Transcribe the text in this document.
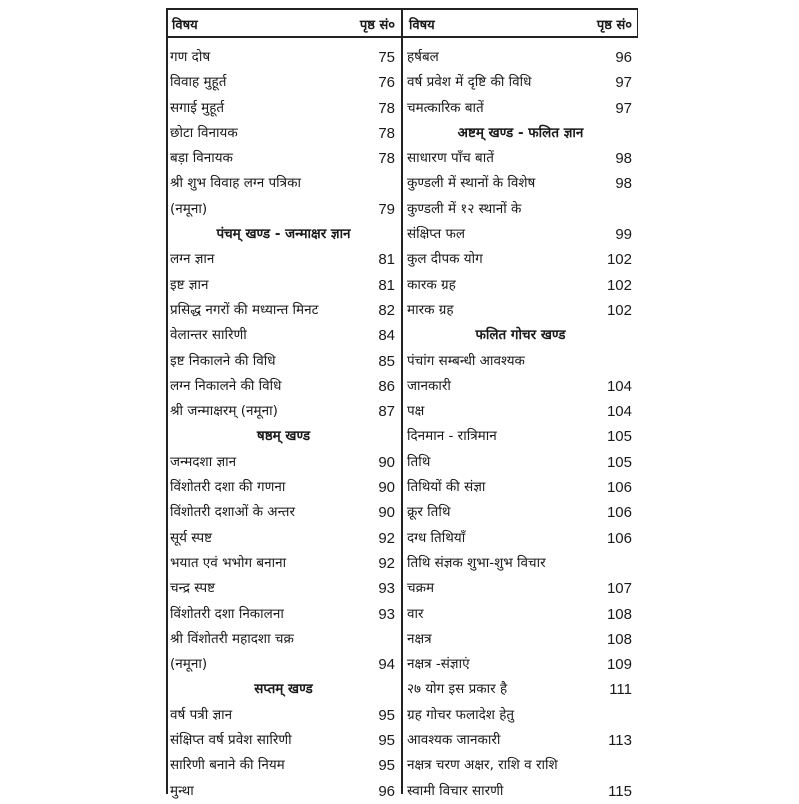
विषय	पृष्ठ सं०
गण दोष	75
विवाह मुहूर्त	76
सगाई मुहूर्त	78
छोटा विनायक	78
बड़ा विनायक	78
श्री शुभ विवाह लग्न पत्रिका
(नमूना)	79
पंचम् खण्ड - जन्माक्षर ज्ञान
लग्न ज्ञान	81
इष्ट ज्ञान	81
प्रसिद्ध नगरों की मध्यान्त मिनट	82
वेलान्तर सारिणी	84
इष्ट निकालने की विधि	85
लग्न निकालने की विधि	86
श्री जन्माक्षरम् (नमूना)	87
षष्ठम् खण्ड
जन्मदशा ज्ञान	90
विंशोतरी दशा की गणना	90
विंशोतरी दशाओं के अन्तर	90
सूर्य स्पष्ट	92
भयात एवं भभोग बनाना	92
चन्द्र स्पष्ट	93
विंशोतरी दशा निकालना	93
श्री विंशोतरी महादशा चक्र
(नमूना)	94
सप्तम् खण्ड
वर्ष पत्री ज्ञान	95
संक्षिप्त वर्ष प्रवेश सारिणी	95
सारिणी बनाने की नियम	95
मुन्था	96
विषय	पृष्ठ सं०
हर्षबल	96
वर्ष प्रवेश में दृष्टि की विधि	97
चमत्कारिक बातें	97
अष्टम् खण्ड - फलित ज्ञान
साधारण पाँच बातें	98
कुण्डली में स्थानों के विशेष	98
कुण्डली में १२ स्थानों के
संक्षिप्त फल	99
कुल दीपक योग	102
कारक ग्रह	102
मारक ग्रह	102
फलित गोचर खण्ड
पंचांग सम्बन्धी आवश्यक
जानकारी	104
पक्ष	104
दिनमान - रात्रिमान	105
तिथि	105
तिथियों की संज्ञा	106
क्रूर तिथि	106
दग्ध तिथियाँ	106
तिथि संज्ञक शुभा-शुभ विचार
चक्रम	107
वार	108
नक्षत्र	108
नक्षत्र -संज्ञाएं	109
२७ योग इस प्रकार है	111
ग्रह गोचर फलादेश हेतु
आवश्यक जानकारी	113
नक्षत्र चरण अक्षर, राशि व राशि
स्वामी विचार सारणी	115
